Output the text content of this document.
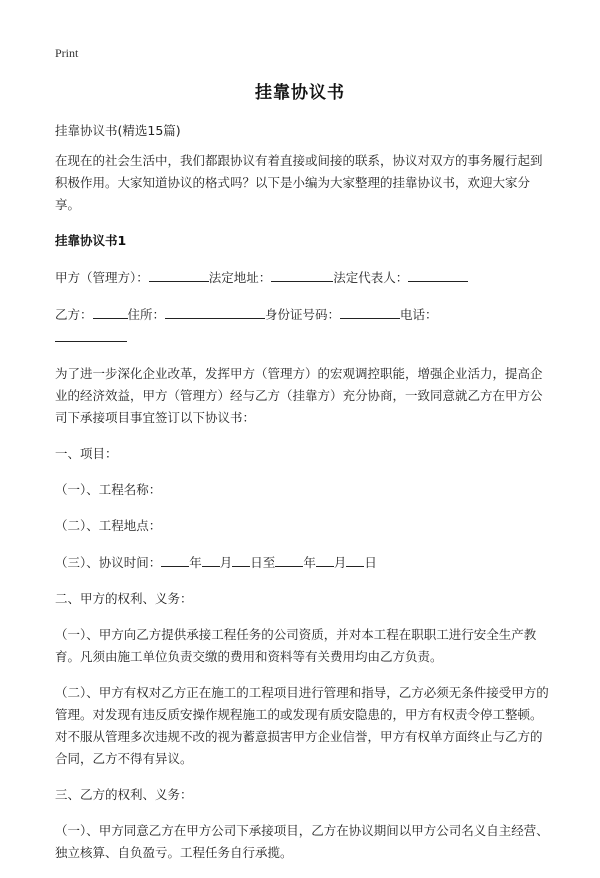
Print
挂靠协议书

挂靠协议书(精选15篇)

在现在的社会生活中，我们都跟协议有着直接或间接的联系，协议对双方的事务履行起到积极作用。大家知道协议的格式吗？以下是小编为大家整理的挂靠协议书，欢迎大家分享。

挂靠协议书1

甲方（管理方）：	法定地址：	法定代表人：
乙方：	住所：	身份证号码：	电话：

为了进一步深化企业改革，发挥甲方（管理方）的宏观调控职能，增强企业活力，提高企业的经济效益，甲方（管理方）经与乙方（挂靠方）充分协商，一致同意就乙方在甲方公司下承接项目事宜签订以下协议书：

一、项目：

（一）、工程名称：

（二）、工程地点：

（三）、协议时间： 年 月 日至 年 月 日

二、甲方的权利、义务：

（一）、甲方向乙方提供承接工程任务的公司资质，并对本工程在职职工进行安全生产教育。凡须由施工单位负责交缴的费用和资料等有关费用均由乙方负责。

（二）、甲方有权对乙方正在施工的工程项目进行管理和指导，乙方必须无条件接受甲方的管理。对发现有违反质安操作规程施工的或发现有质安隐患的，甲方有权责令停工整顿。对不服从管理多次违规不改的视为蓄意损害甲方企业信誉，甲方有权单方面终止与乙方的合同，乙方不得有异议。

三、乙方的权利、义务：

（一）、甲方同意乙方在甲方公司下承接项目，乙方在协议期间以甲方公司名义自主经营、独立核算、自负盈亏。工程任务自行承揽。
